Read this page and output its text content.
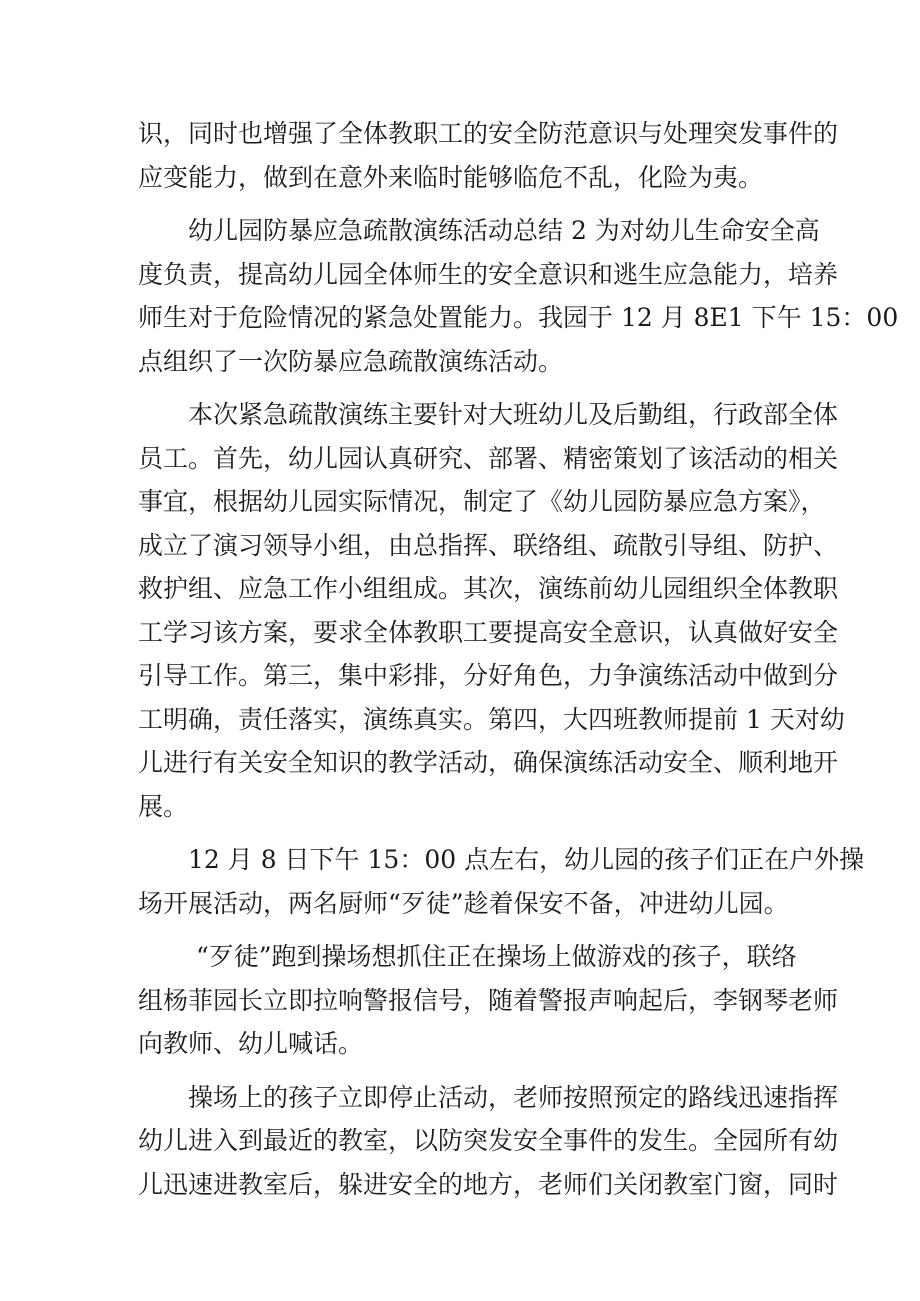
识，同时也增强了全体教职工的安全防范意识与处理突发事件的
应变能力，做到在意外来临时能够临危不乱，化险为夷。
幼儿园防暴应急疏散演练活动总结 2 为对幼儿生命安全高
度负责，提高幼儿园全体师生的安全意识和逃生应急能力，培养
师生对于危险情况的紧急处置能力。我园于 12 月 8E1 下午 15：00
点组织了一次防暴应急疏散演练活动。
本次紧急疏散演练主要针对大班幼儿及后勤组，行政部全体
员工。首先，幼儿园认真研究、部署、精密策划了该活动的相关
事宜，根据幼儿园实际情况，制定了《幼儿园防暴应急方案》，
成立了演习领导小组，由总指挥、联络组、疏散引导组、防护、
救护组、应急工作小组组成。其次，演练前幼儿园组织全体教职
工学习该方案，要求全体教职工要提高安全意识，认真做好安全
引导工作。第三，集中彩排，分好角色，力争演练活动中做到分
工明确，责任落实，演练真实。第四，大四班教师提前 1 天对幼
儿进行有关安全知识的教学活动，确保演练活动安全、顺利地开
展。
12 月 8 日下午 15：00 点左右，幼儿园的孩子们正在户外操
场开展活动，两名厨师“歹徒”趁着保安不备，冲进幼儿园。
“歹徒”跑到操场想抓住正在操场上做游戏的孩子，联络
组杨菲园长立即拉响警报信号，随着警报声响起后，李钢琴老师
向教师、幼儿喊话。
操场上的孩子立即停止活动，老师按照预定的路线迅速指挥
幼儿进入到最近的教室，以防突发安全事件的发生。全园所有幼
儿迅速进教室后，躲进安全的地方，老师们关闭教室门窗，同时
